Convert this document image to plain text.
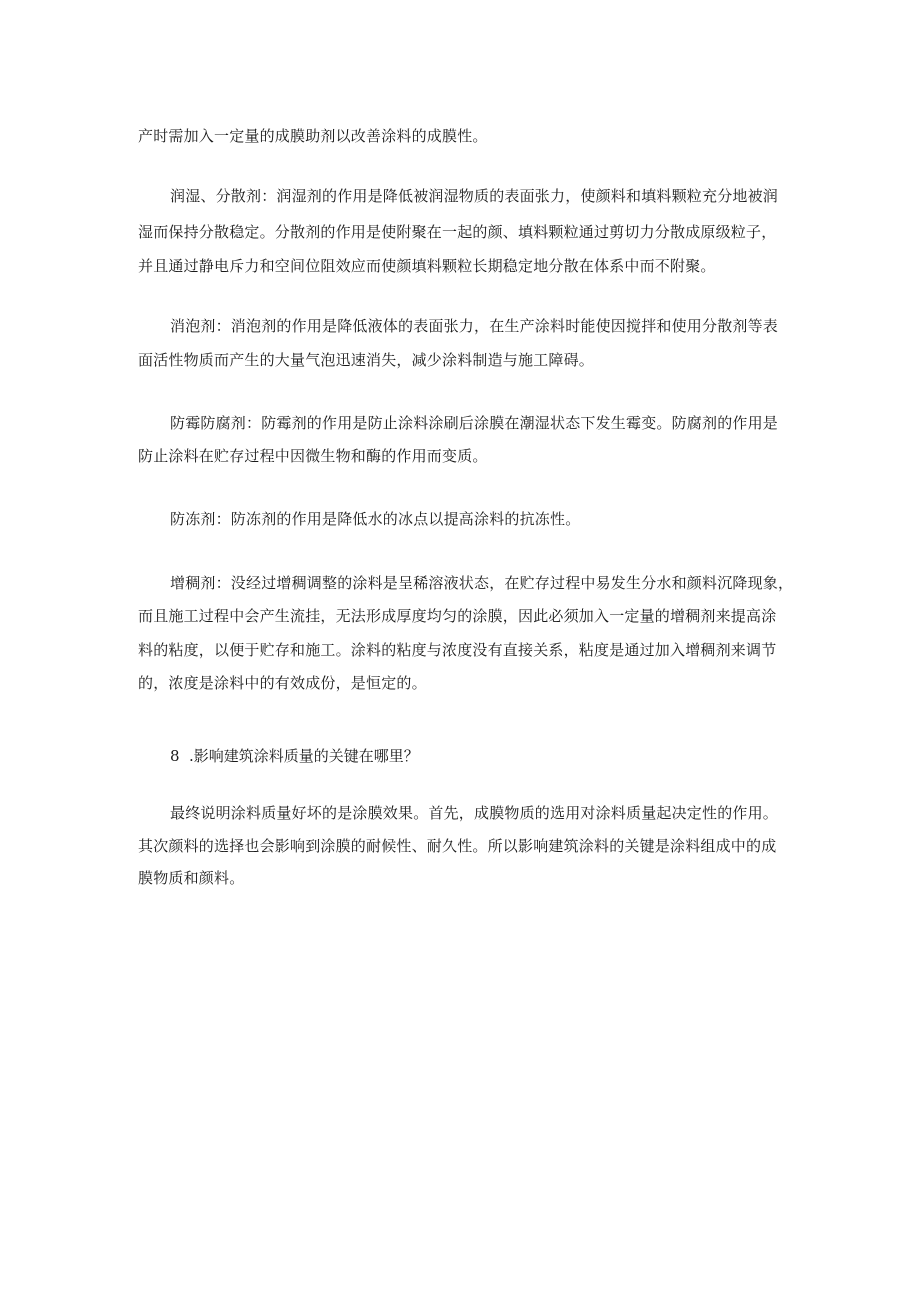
产时需加入一定量的成膜助剂以改善涂料的成膜性。

润湿、分散剂：润湿剂的作用是降低被润湿物质的表面张力，使颜料和填料颗粒充分地被润

湿而保持分散稳定。分散剂的作用是使附聚在一起的颜、填料颗粒通过剪切力分散成原级粒子，

并且通过静电斥力和空间位阻效应而使颜填料颗粒长期稳定地分散在体系中而不附聚。

消泡剂：消泡剂的作用是降低液体的表面张力，在生产涂料时能使因搅拌和使用分散剂等表

面活性物质而产生的大量气泡迅速消失，减少涂料制造与施工障碍。

防霉防腐剂：防霉剂的作用是防止涂料涂刷后涂膜在潮湿状态下发生霉变。防腐剂的作用是

防止涂料在贮存过程中因微生物和酶的作用而变质。

防冻剂：防冻剂的作用是降低水的冰点以提高涂料的抗冻性。

增稠剂：没经过增稠调整的涂料是呈稀溶液状态，在贮存过程中易发生分水和颜料沉降现象，

而且施工过程中会产生流挂，无法形成厚度均匀的涂膜，因此必须加入一定量的增稠剂来提高涂

料的粘度，以便于贮存和施工。涂料的粘度与浓度没有直接关系，粘度是通过加入增稠剂来调节

的，浓度是涂料中的有效成份，是恒定的。

8 .影响建筑涂料质量的关键在哪里？

最终说明涂料质量好坏的是涂膜效果。首先，成膜物质的选用对涂料质量起决定性的作用。

其次颜料的选择也会影响到涂膜的耐候性、耐久性。所以影响建筑涂料的关键是涂料组成中的成

膜物质和颜料。
